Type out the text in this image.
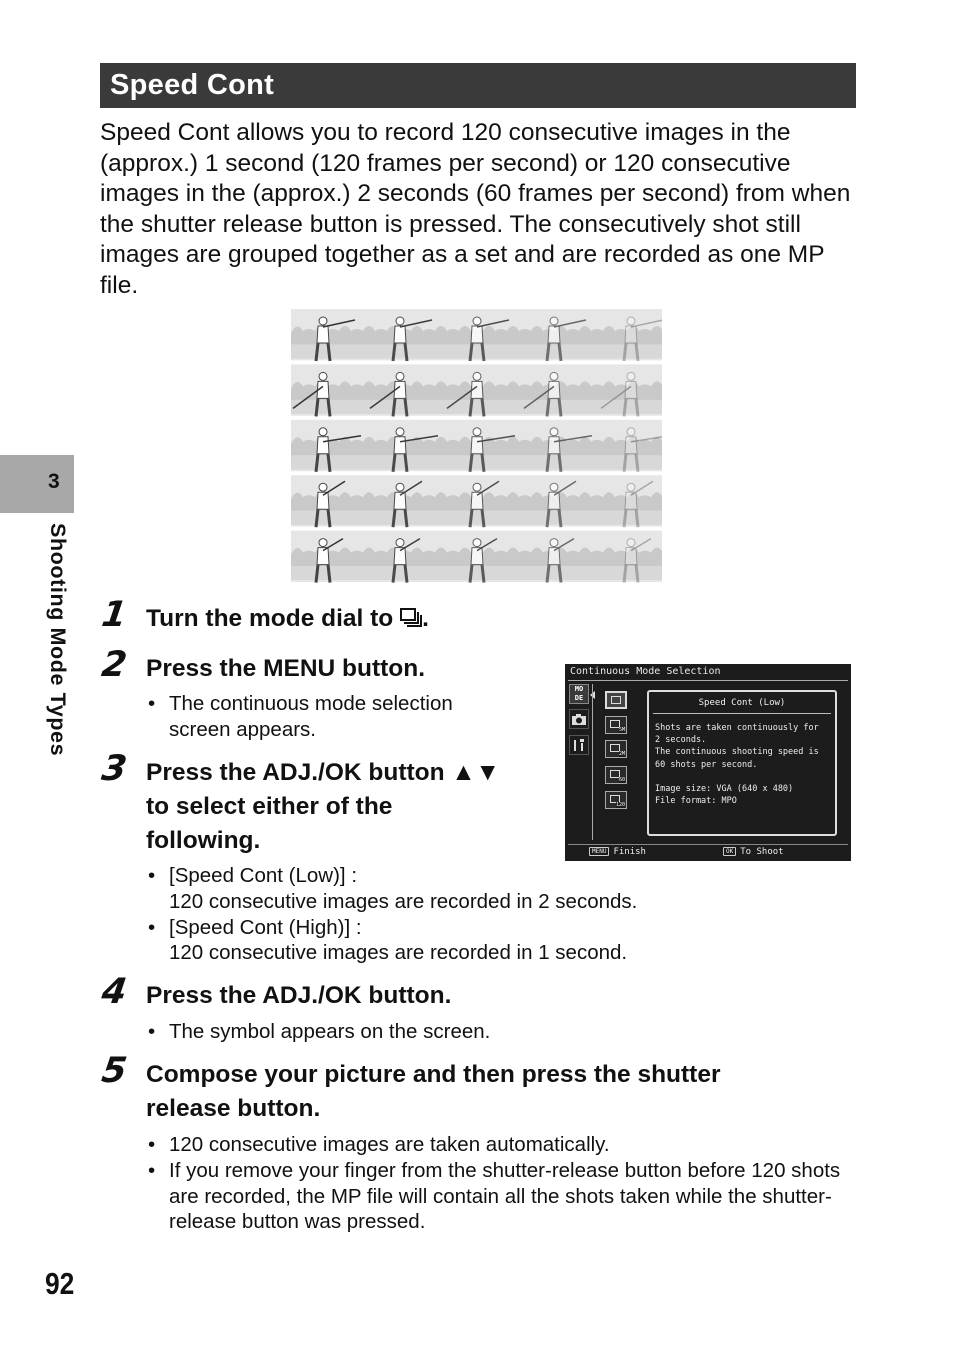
Speed Cont
Speed Cont allows you to record 120 consecutive images in the (approx.) 1 second (120 frames per second) or 120 consecutive images in the (approx.) 2 seconds (60 frames per second) from when the shutter release button is pressed. The consecutively shot still images are grouped together as a set and are recorded as one MP file.
3
Shooting Mode Types 1 Turn the mode dial to .
2 Press the MENU button.
• The continuous mode selection screen appears.
3 Press the ADJ./OK button ▲▼
to select either of the
following.
• [Speed Cont (Low)] :
120 consecutive images are recorded in 2 seconds.
• [Speed Cont (High)] :
120 consecutive images are recorded in 1 second.
Continuous Mode Selection
MO DE
5M
2M
60
120
Speed Cont (Low)
Shots are taken continuously for
2 seconds.
The continuous shooting speed is
60 shots per second.

Image size: VGA (640 x 480)
File format: MPO
MENU Finish	OK To Shoot
4 Press the ADJ./OK button.
• The symbol appears on the screen.
5 Compose your picture and then press the shutter
release button.
• 120 consecutive images are taken automatically.
• If you remove your finger from the shutter-release button before 120 shots are recorded, the MP file will contain all the shots taken while the shutter-release button was pressed.
92
